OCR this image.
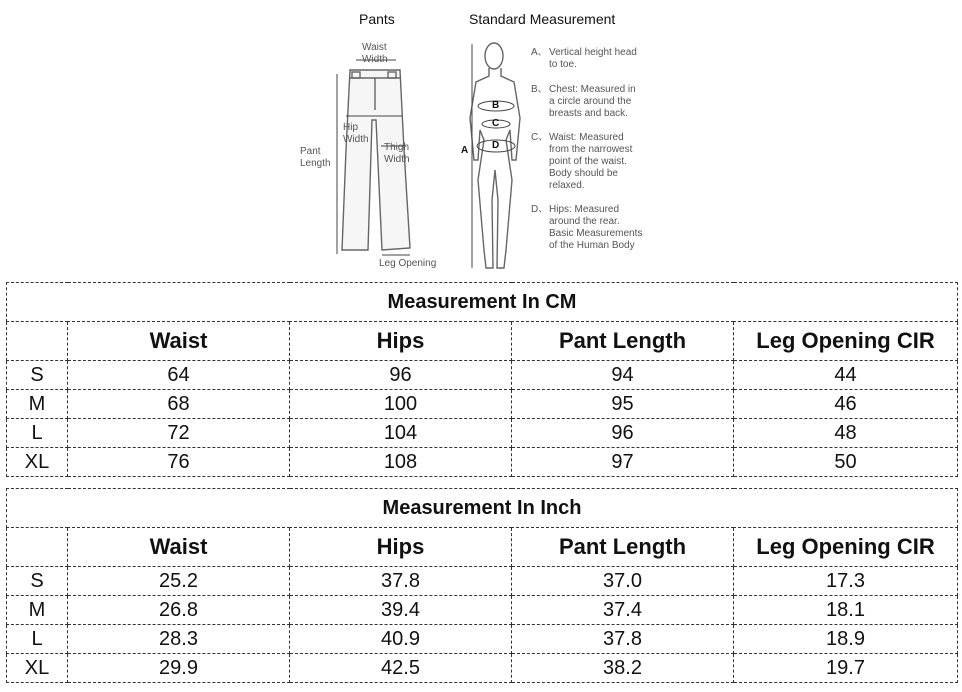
Pants	Standard Measurement
Waist
Width
Hip
Width
Pant
Length
Thigh
Width
Leg Opening
B
C
D
A
A、 Vertical height head
to toe.
B、 Chest: Measured in
a circle around the
breasts and back.
C、 Waist: Measured
from the narrowest
point of the waist.
Body should be
relaxed.
D、 Hips: Measured
around the rear.
Basic Measurements
of the Human Body
Measurement In CM				
	Waist	Hips	Pant Length	Leg Opening CIR
S	64	96	94	44
M	68	100	95	46
L	72	104	96	48
XL	76	108	97	50
Measurement In Inch				
	Waist	Hips	Pant Length	Leg Opening CIR
S	25.2	37.8	37.0	17.3
M	26.8	39.4	37.4	18.1
L	28.3	40.9	37.8	18.9
XL	29.9	42.5	38.2	19.7
